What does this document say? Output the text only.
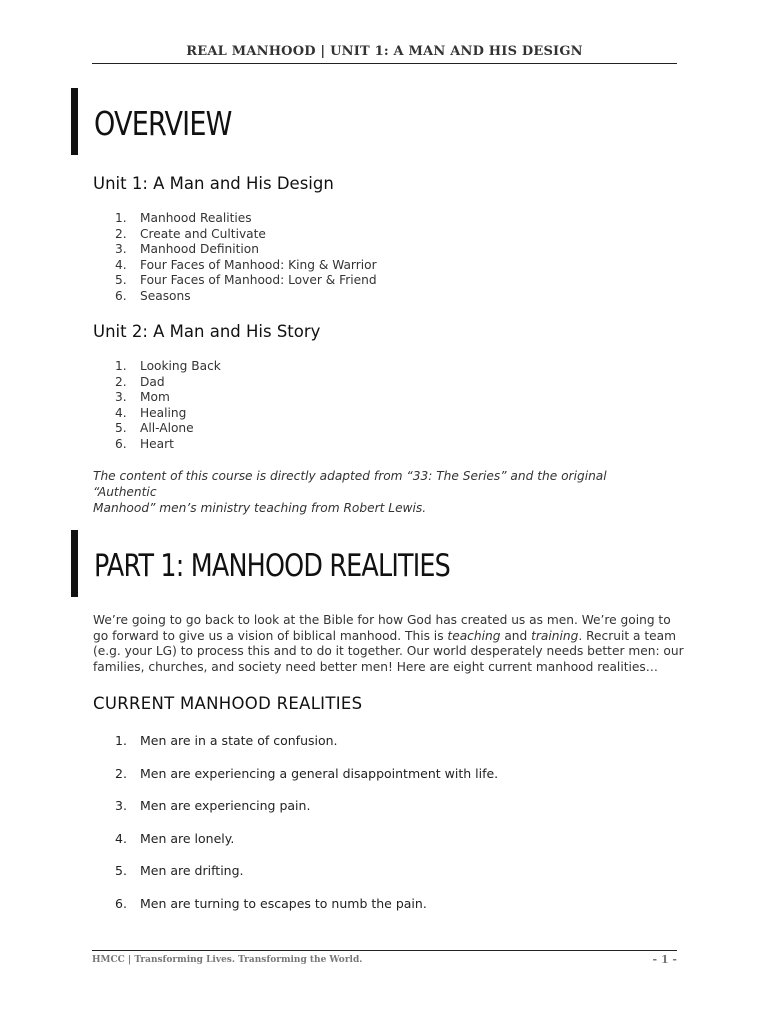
REAL MANHOOD | UNIT 1: A MAN AND HIS DESIGN
OVERVIEW
Unit 1: A Man and His Design
1.	Manhood Realities
2.	Create and Cultivate
3.	Manhood Definition
4.	Four Faces of Manhood: King & Warrior
5.	Four Faces of Manhood: Lover & Friend
6.	Seasons
Unit 2: A Man and His Story
1.	Looking Back
2.	Dad
3.	Mom
4.	Healing
5.	All-Alone
6.	Heart
The content of this course is directly adapted from “33: The Series” and the original “Authentic
Manhood” men’s ministry teaching from Robert Lewis.
PART 1: MANHOOD REALITIES

We’re going to go back to look at the Bible for how God has created us as men. We’re going to

go forward to give us a vision of biblical manhood. This is teaching and training. Recruit a team

(e.g. your LG) to process this and to do it together. Our world desperately needs better men: our

families, churches, and society need better men! Here are eight current manhood realities…

CURRENT MANHOOD REALITIES
1. Men are in a state of confusion.
2. Men are experiencing a general disappointment with life.
3. Men are experiencing pain.
4. Men are lonely.
5. Men are drifting.
6. Men are turning to escapes to numb the pain.
HMCC | Transforming Lives. Transforming the World.	- 1 -
